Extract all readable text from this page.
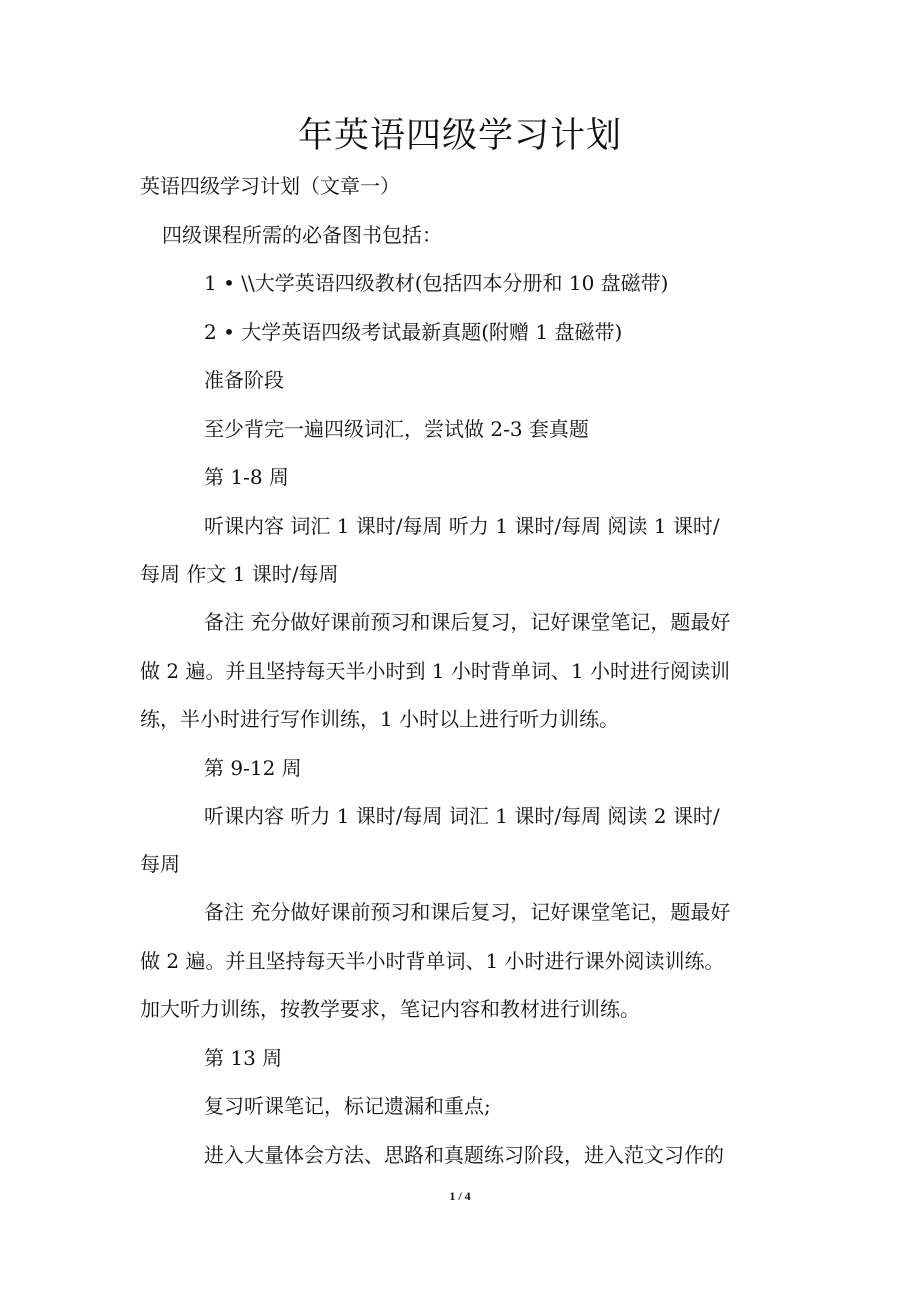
年英语四级学习计划
英语四级学习计划（文章一）
四级课程所需的必备图书包括：
1 • \\大学英语四级教材(包括四本分册和 10 盘磁带)
2 • 大学英语四级考试最新真题(附赠 1 盘磁带)
准备阶段
至少背完一遍四级词汇，尝试做 2-3 套真题
第 1-8 周
听课内容 词汇 1 课时/每周 听力 1 课时/每周 阅读 1 课时/
每周 作文 1 课时/每周
备注 充分做好课前预习和课后复习，记好课堂笔记，题最好
做 2 遍。并且坚持每天半小时到 1 小时背单词、1 小时进行阅读训
练，半小时进行写作训练，1 小时以上进行听力训练。
第 9-12 周
听课内容 听力 1 课时/每周 词汇 1 课时/每周 阅读 2 课时/
每周
备注 充分做好课前预习和课后复习，记好课堂笔记，题最好
做 2 遍。并且坚持每天半小时背单词、1 小时进行课外阅读训练。
加大听力训练，按教学要求，笔记内容和教材进行训练。
第 13 周
复习听课笔记，标记遗漏和重点;
进入大量体会方法、思路和真题练习阶段，进入范文习作的
1 / 4
